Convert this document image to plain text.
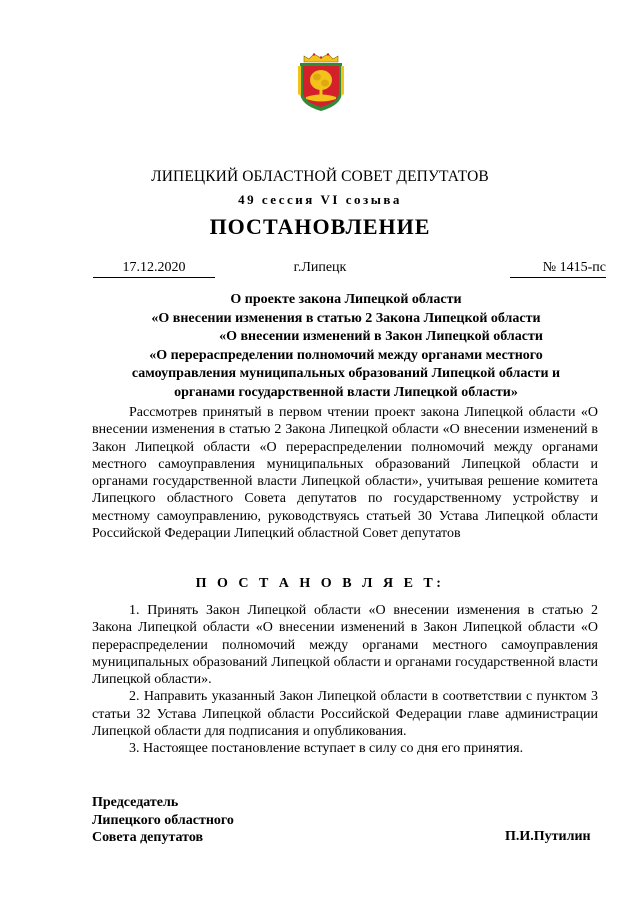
ЛИПЕЦКИЙ ОБЛАСТНОЙ СОВЕТ ДЕПУТАТОВ
49 сессия VI созыва
ПОСТАНОВЛЕНИЕ
17.12.2020	г.Липецк	№ 1415-пс
О проекте закона Липецкой области
«О внесении изменения в статью 2 Закона Липецкой области
«О внесении изменений в Закон Липецкой области
«О перераспределении полномочий между органами местного
самоуправления муниципальных образований Липецкой области и
органами государственной власти Липецкой области»

Рассмотрев принятый в первом чтении проект закона Липецкой области «О внесении изменения в статью 2 Закона Липецкой области «О внесении изменений в Закон Липецкой области «О перераспределении полномочий между органами местного самоуправления муниципальных образований Липецкой области и органами государственной власти Липецкой области», учитывая решение комитета Липецкого областного Совета депутатов по государственному устройству и местному самоуправлению, руководствуясь статьей 30 Устава Липецкой области Российской Федерации Липецкий областной Совет депутатов

П О С Т А Н О В Л Я Е Т:

1. Принять Закон Липецкой области «О внесении изменения в статью 2 Закона Липецкой области «О внесении изменений в Закон Липецкой области «О перераспределении полномочий между органами местного самоуправления муниципальных образований Липецкой области и органами государственной власти Липецкой области».

2. Направить указанный Закон Липецкой области в соответствии с пунктом 3 статьи 32 Устава Липецкой области Российской Федерации главе администрации Липецкой области для подписания и опубликования.

3. Настоящее постановление вступает в силу со дня его принятия.

Председатель
Липецкого областного
Совета депутатов	П.И.Путилин
